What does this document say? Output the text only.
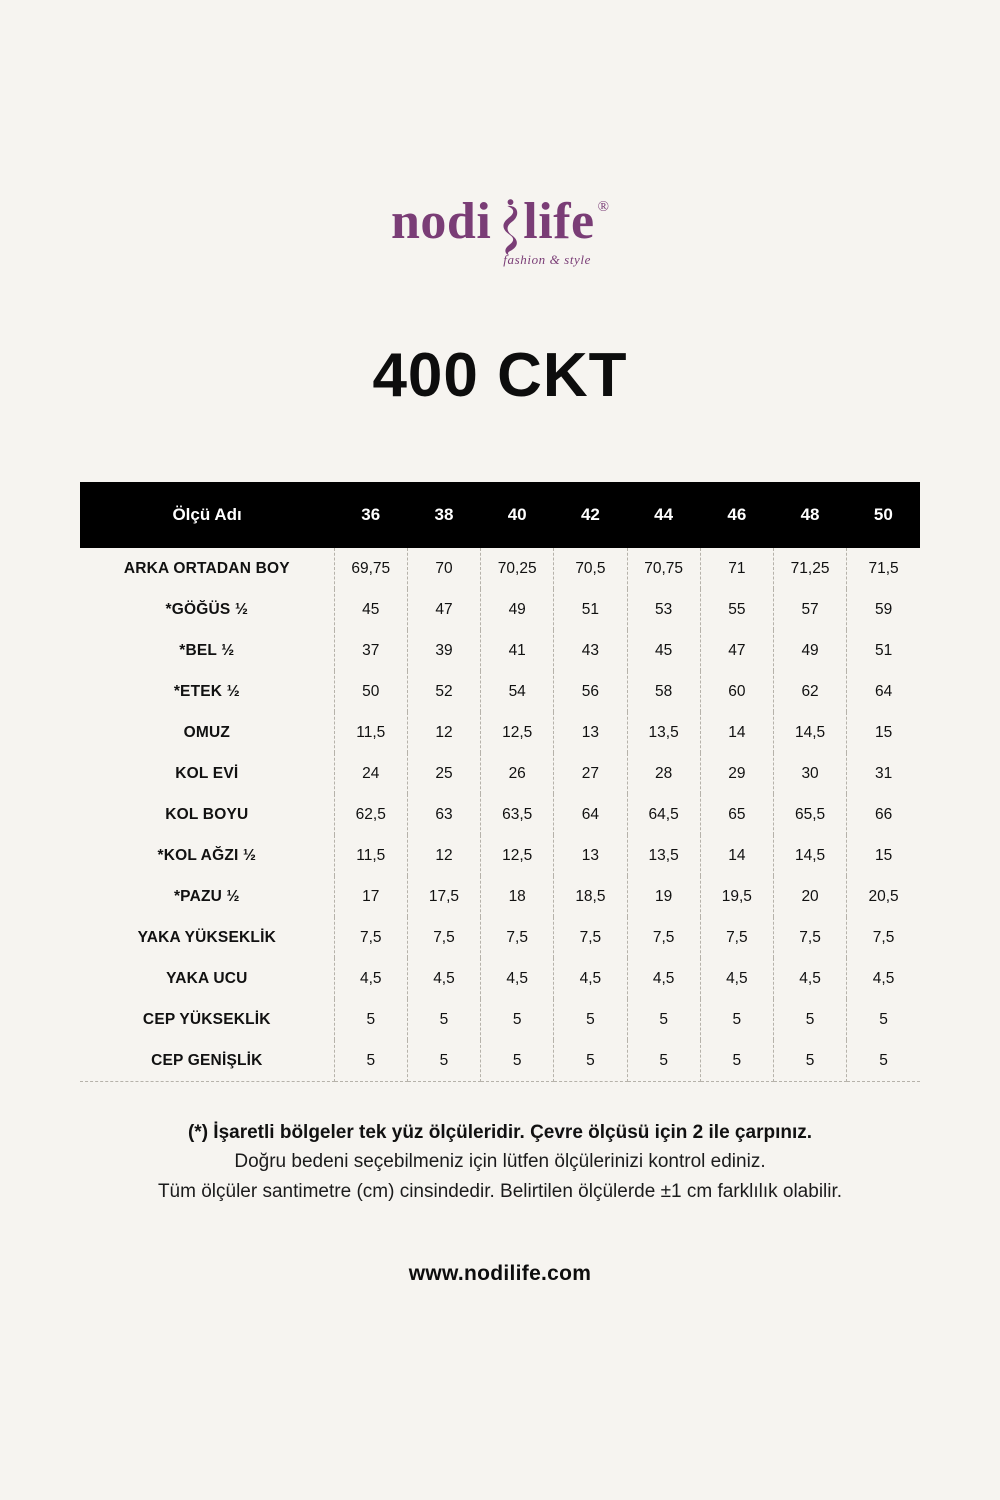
nodi life ®
fashion & style
400 CKT
Ölçü Adı	36	38	40	42	44	46	48	50
ARKA ORTADAN BOY	69,75	70	70,25	70,5	70,75	71	71,25	71,5
*GÖĞÜS ½	45	47	49	51	53	55	57	59
*BEL ½	37	39	41	43	45	47	49	51
*ETEK ½	50	52	54	56	58	60	62	64
OMUZ	11,5	12	12,5	13	13,5	14	14,5	15
KOL EVİ	24	25	26	27	28	29	30	31
KOL BOYU	62,5	63	63,5	64	64,5	65	65,5	66
*KOL AĞZI ½	11,5	12	12,5	13	13,5	14	14,5	15
*PAZU ½	17	17,5	18	18,5	19	19,5	20	20,5
YAKA YÜKSEKLİK	7,5	7,5	7,5	7,5	7,5	7,5	7,5	7,5
YAKA UCU	4,5	4,5	4,5	4,5	4,5	4,5	4,5	4,5
CEP YÜKSEKLİK	5	5	5	5	5	5	5	5
CEP GENİŞLİK	5	5	5	5	5	5	5	5
(*) İşaretli bölgeler tek yüz ölçüleridir. Çevre ölçüsü için 2 ile çarpınız.
Doğru bedeni seçebilmeniz için lütfen ölçülerinizi kontrol ediniz.
Tüm ölçüler santimetre (cm) cinsindedir. Belirtilen ölçülerde ±1 cm farklılık olabilir.
www.nodilife.com
